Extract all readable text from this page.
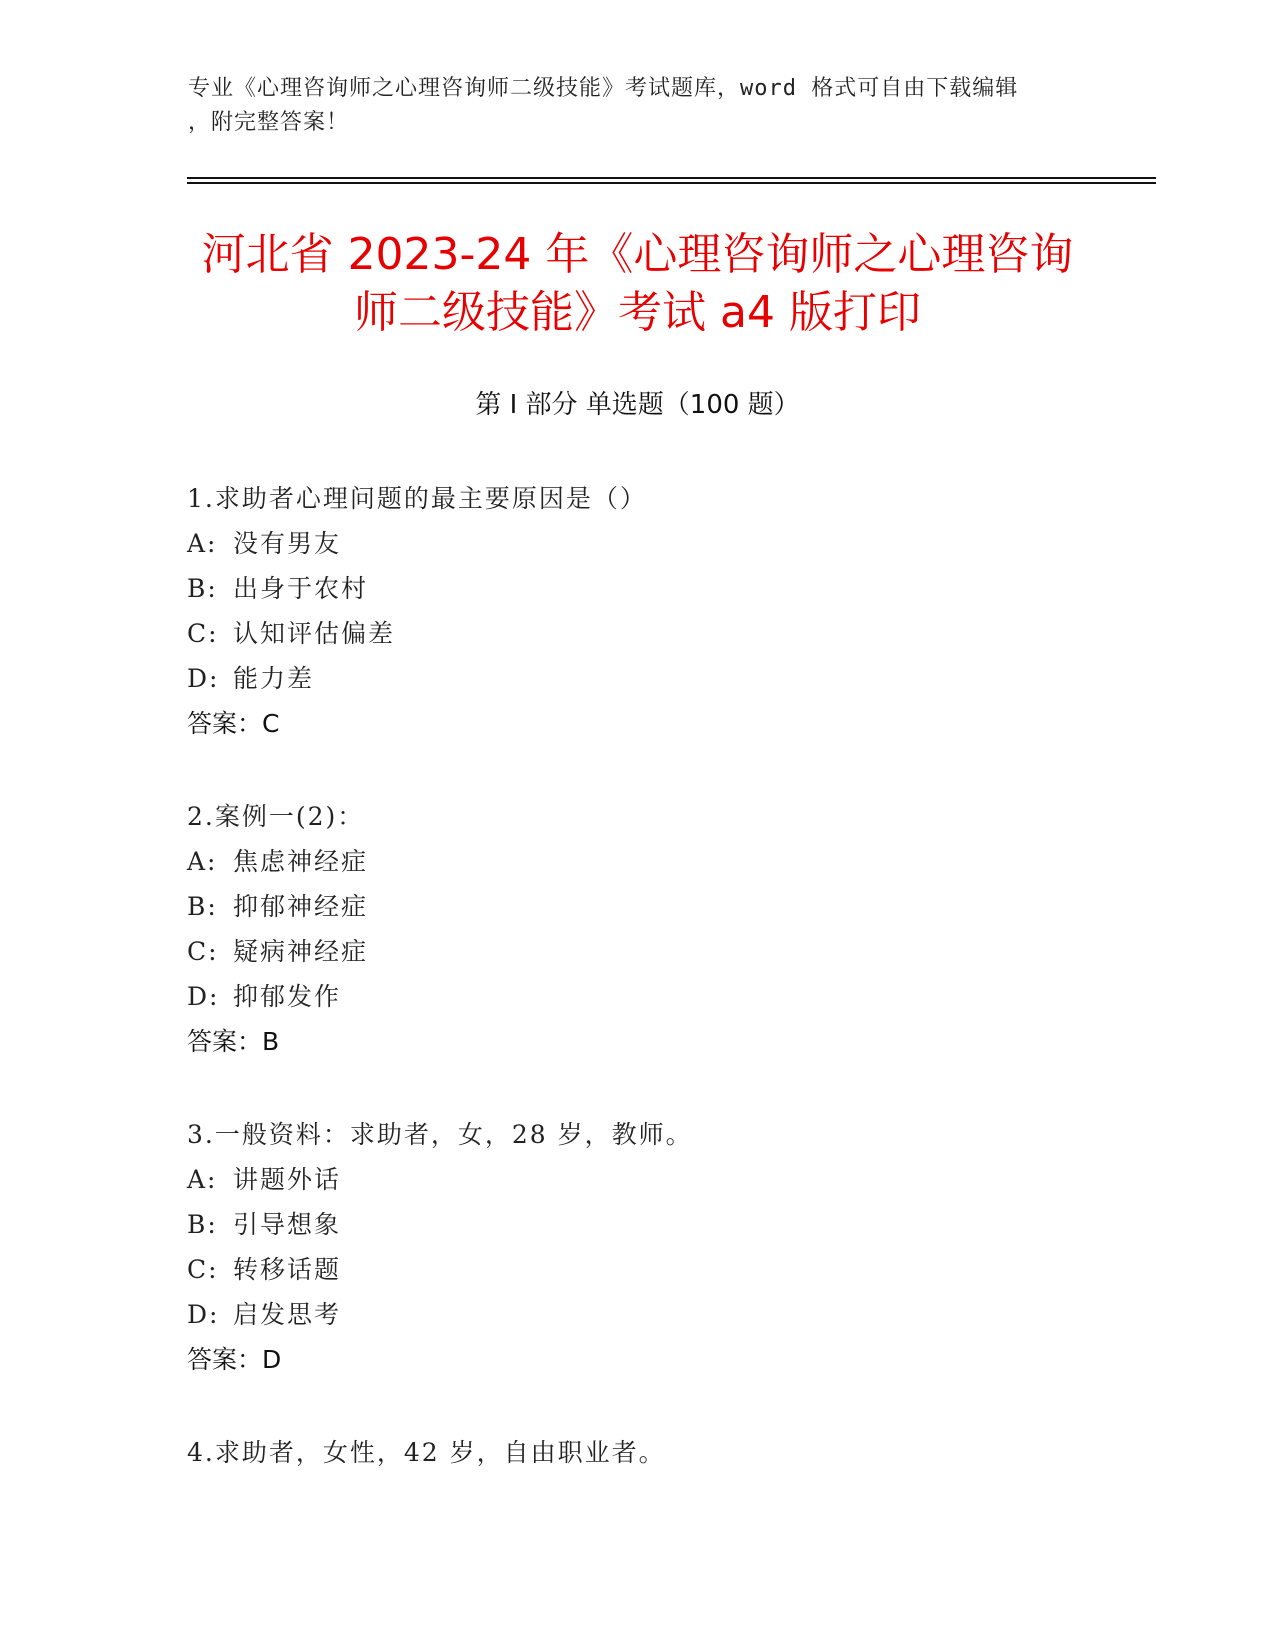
专业《心理咨询师之心理咨询师二级技能》考试题库，word 格式可自由下载编辑
，附完整答案！
河北省 2023-24 年《心理咨询师之心理咨询
师二级技能》考试 a4 版打印
第 I 部分 单选题（100 题）

1.求助者心理问题的最主要原因是（）

A: 没有男友

B: 出身于农村

C: 认知评估偏差

D: 能力差

答案：C

2.案例一(2)：

A: 焦虑神经症

B: 抑郁神经症

C: 疑病神经症

D: 抑郁发作

答案：B

3.一般资料：求助者，女，28 岁，教师。

A: 讲题外话

B: 引导想象

C: 转移话题

D: 启发思考

答案：D

4.求助者，女性，42 岁，自由职业者。
